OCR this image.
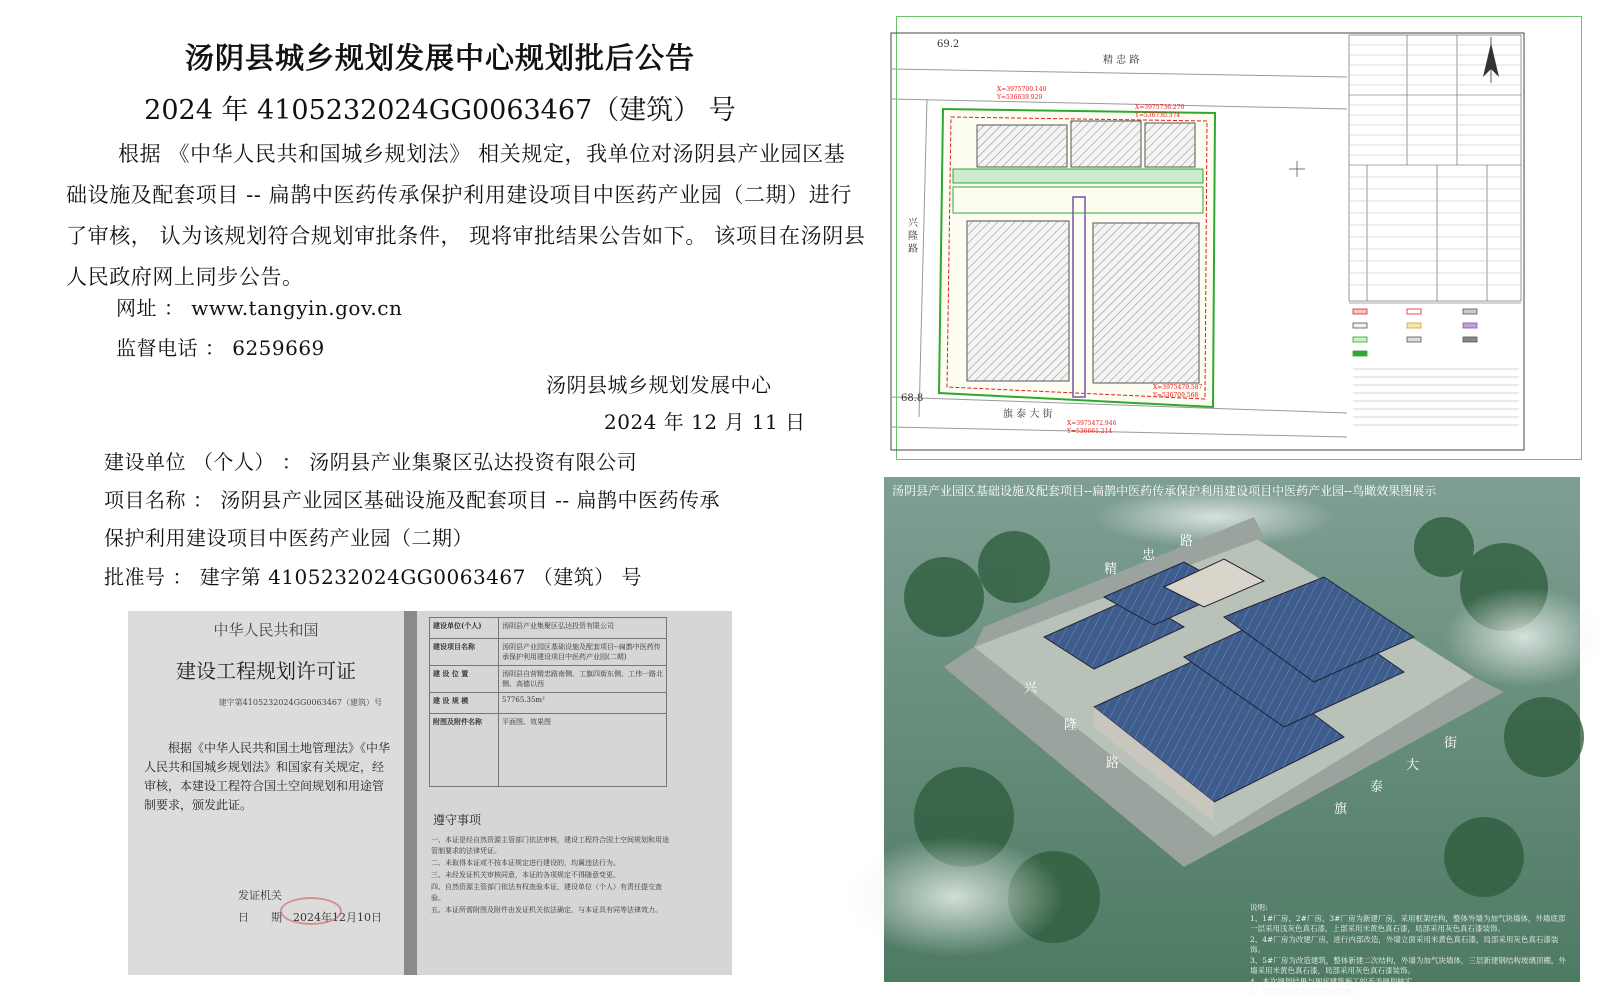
汤阴县城乡规划发展中心规划批后公告
2024 年 4105232024GG0063467（建筑） 号

根据 《中华人民共和国城乡规划法》 相关规定，我单位对汤阴县产业园区基础设施及配套项目 -- 扁鹊中医药传承保护利用建设项目中医药产业园（二期）进行了审核， 认为该规划符合规划审批条件， 现将审批结果公告如下。 该项目在汤阴县人民政府网上同步公告。

网址 ： www.tangyin.gov.cn
监督电话 ： 6259669
汤阴县城乡规划发展中心
2024 年 12 月 11 日
建设单位 （个人） ： 汤阴县产业集聚区弘达投资有限公司
项目名称 ： 汤阴县产业园区基础设施及配套项目 -- 扁鹊中医药传承
保护利用建设项目中医药产业园（二期）
批准号 ： 建字第 4105232024GG0063467 （建筑） 号
精 忠 路
旗 泰 大 街
兴 隆 路
69.2
68.8
X=3975700.140
Y=536639.929
X=3975736.270
Y=536730.374
X=3975479.587
Y=536709.568
X=3975472.946
Y=536661.214
兴
隆
路
旗
泰
大
街
精
忠
路
汤阴县产业园区基础设施及配套项目--扁鹊中医药传承保护利用建设项目中医药产业园--鸟瞰效果图展示
说明:
1、1#厂房、2#厂房、3#厂房为新建厂房，采用框架结构，整体外墙为加气块墙体，外墙底部一层采用浅灰色真石漆，上部采用米黄色真石漆，局部采用灰色真石漆装饰。
2、4#厂房为改建厂房，进行内部改造，外墙立面采用米黄色真石漆，局部采用灰色真石漆装饰。
3、5#厂房为改造建筑，整体新建二次结构，外墙为加气块墙体，三层新建钢结构玻璃顶棚，外墙采用米黄色真石漆，局部采用灰色真石漆装饰。
4、本次规划结果与现状建筑施工的不予规划核实。
5、围墙按照开发区建设标准施工。
中华人民共和国
建设工程规划许可证
建字第4105232024GG0063467（建筑）号
根据《中华人民共和国土地管理法》《中华人民共和国城乡规划法》和国家有关规定，经审核，本建设工程符合国土空间规划和用途管制要求，颁发此证。
发证机关
日　　期　2024年12月10日
建设单位(个人)	汤阴县产业集聚区弘达投资有限公司
建设项目名称	汤阴县产业园区基础设施及配套项目--扁鹊中医药传承保护利用建设项目中医药产业园(二期)
建 设 位 置	汤阴县自营精忠路南侧、工旗四街东侧、工伟一路北侧、高德以西
建 设 规 模	57765.35m²
附图及附件名称	平面图、效果图
遵守事项
一、本证是经自然资源主管部门依法审核，建设工程符合国土空间规划和用途管制要求的法律凭证。
二、未取得本证或不按本证规定进行建设的，均属违法行为。
三、未经发证机关审核同意，本证的各项规定不得随意变更。
四、自然资源主管部门依法有权查验本证，建设单位（个人）有责任提交查验。
五、本证所需附图及附件由发证机关依法确定，与本证具有同等法律效力。
